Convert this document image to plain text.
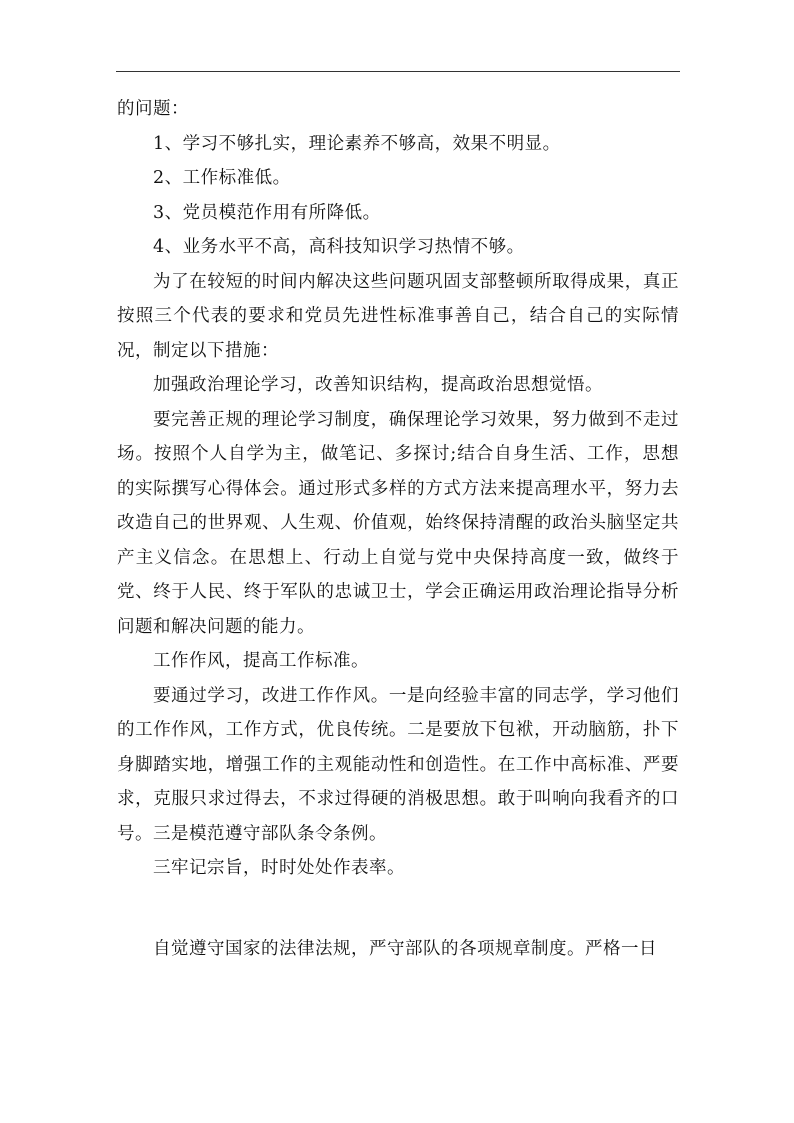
的问题：

1、学习不够扎实，理论素养不够高，效果不明显。

2、工作标准低。

3、党员模范作用有所降低。

4、业务水平不高，高科技知识学习热情不够。

为了在较短的时间内解决这些问题巩固支部整顿所取得成果，真正按照三个代表的要求和党员先进性标准事善自己，结合自己的实际情况，制定以下措施：

加强政治理论学习，改善知识结构，提高政治思想觉悟。

要完善正规的理论学习制度，确保理论学习效果，努力做到不走过场。按照个人自学为主，做笔记、多探讨;结合自身生活、工作，思想的实际撰写心得体会。通过形式多样的方式方法来提高理水平，努力去改造自己的世界观、人生观、价值观，始终保持清醒的政治头脑坚定共产主义信念。在思想上、行动上自觉与党中央保持高度一致，做终于党、终于人民、终于军队的忠诚卫士，学会正确运用政治理论指导分析问题和解决问题的能力。

工作作风，提高工作标准。

要通过学习，改进工作作风。一是向经验丰富的同志学，学习他们的工作作风，工作方式，优良传统。二是要放下包袱，开动脑筋，扑下身脚踏实地，增强工作的主观能动性和创造性。在工作中高标准、严要求，克服只求过得去，不求过得硬的消极思想。敢于叫响向我看齐的口号。三是模范遵守部队条令条例。

三牢记宗旨，时时处处作表率。

自觉遵守国家的法律法规，严守部队的各项规章制度。严格一日
